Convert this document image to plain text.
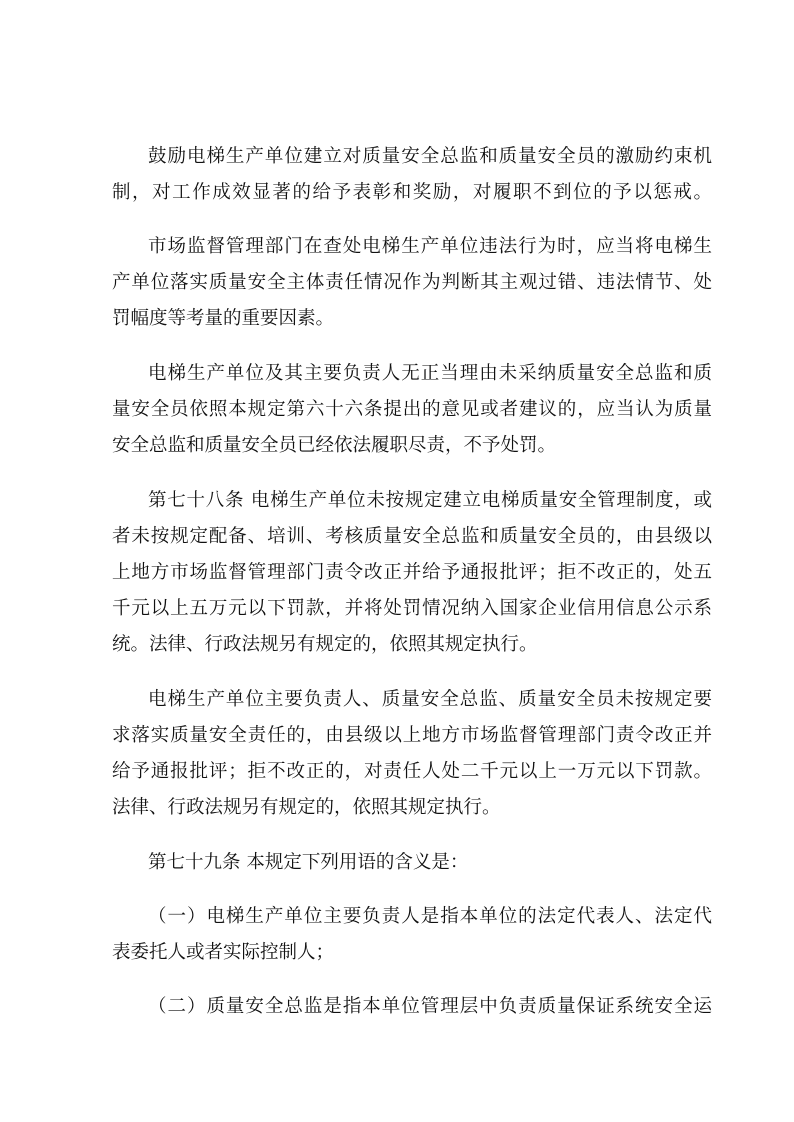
鼓励电梯生产单位建立对质量安全总监和质量安全员的激励约束机
制，对工作成效显著的给予表彰和奖励，对履职不到位的予以惩戒。
市场监督管理部门在查处电梯生产单位违法行为时，应当将电梯生
产单位落实质量安全主体责任情况作为判断其主观过错、违法情节、处
罚幅度等考量的重要因素。
电梯生产单位及其主要负责人无正当理由未采纳质量安全总监和质
量安全员依照本规定第六十六条提出的意见或者建议的，应当认为质量
安全总监和质量安全员已经依法履职尽责，不予处罚。
第七十八条 电梯生产单位未按规定建立电梯质量安全管理制度，或
者未按规定配备、培训、考核质量安全总监和质量安全员的，由县级以
上地方市场监督管理部门责令改正并给予通报批评；拒不改正的，处五
千元以上五万元以下罚款，并将处罚情况纳入国家企业信用信息公示系
统。法律、行政法规另有规定的，依照其规定执行。
电梯生产单位主要负责人、质量安全总监、质量安全员未按规定要
求落实质量安全责任的，由县级以上地方市场监督管理部门责令改正并
给予通报批评；拒不改正的，对责任人处二千元以上一万元以下罚款。
法律、行政法规另有规定的，依照其规定执行。
第七十九条 本规定下列用语的含义是：
（一）电梯生产单位主要负责人是指本单位的法定代表人、法定代
表委托人或者实际控制人；
（二）质量安全总监是指本单位管理层中负责质量保证系统安全运
